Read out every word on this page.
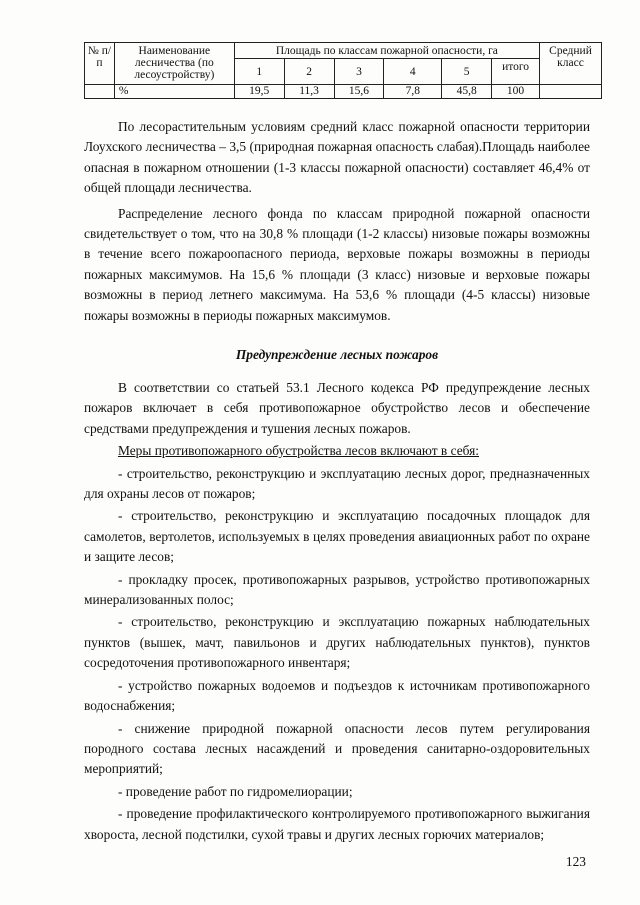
№ п/п	Наименование лесничества (по лесоустройству)	Площадь по классам пожарной опасности, га						Средний класс
		1	2	3	4	5	итого	
	%	19,5	11,3	15,6	7,8	45,8	100	

По лесорастительным условиям средний класс пожарной опасности территории Лоухского лесничества – 3,5 (природная пожарная опасность слабая).Площадь наиболее опасная в пожарном отношении (1-3 классы пожарной опасности) составляет 46,4% от общей площади лесничества.

Распределение лесного фонда по классам природной пожарной опасности свидетельствует о том, что на 30,8 % площади (1-2 классы) низовые пожары возможны в течение всего пожароопасного периода, верховые пожары возможны в периоды пожарных максимумов. На 15,6 % площади (3 класс) низовые и верховые пожары возможны в период летнего максимума. На 53,6 % площади (4-5 классы) низовые пожары возможны в периоды пожарных максимумов.

Предупреждение лесных пожаров

В соответствии со статьей 53.1 Лесного кодекса РФ предупреждение лесных пожаров включает в себя противопожарное обустройство лесов и обеспечение средствами предупреждения и тушения лесных пожаров.

Меры противопожарного обустройства лесов включают в себя:

- строительство, реконструкцию и эксплуатацию лесных дорог, предназначенных для охраны лесов от пожаров;

- строительство, реконструкцию и эксплуатацию посадочных площадок для самолетов, вертолетов, используемых в целях проведения авиационных работ по охране и защите лесов;

- прокладку просек, противопожарных разрывов, устройство противопожарных минерализованных полос;

- строительство, реконструкцию и эксплуатацию пожарных наблюдательных пунктов (вышек, мачт, павильонов и других наблюдательных пунктов), пунктов сосредоточения противопожарного инвентаря;

- устройство пожарных водоемов и подъездов к источникам противопожарного водоснабжения;

- снижение природной пожарной опасности лесов путем регулирования породного состава лесных насаждений и проведения санитарно-оздоровительных мероприятий;

- проведение работ по гидромелиорации;

- проведение профилактического контролируемого противопожарного выжигания хвороста, лесной подстилки, сухой травы и других лесных горючих материалов;

123
